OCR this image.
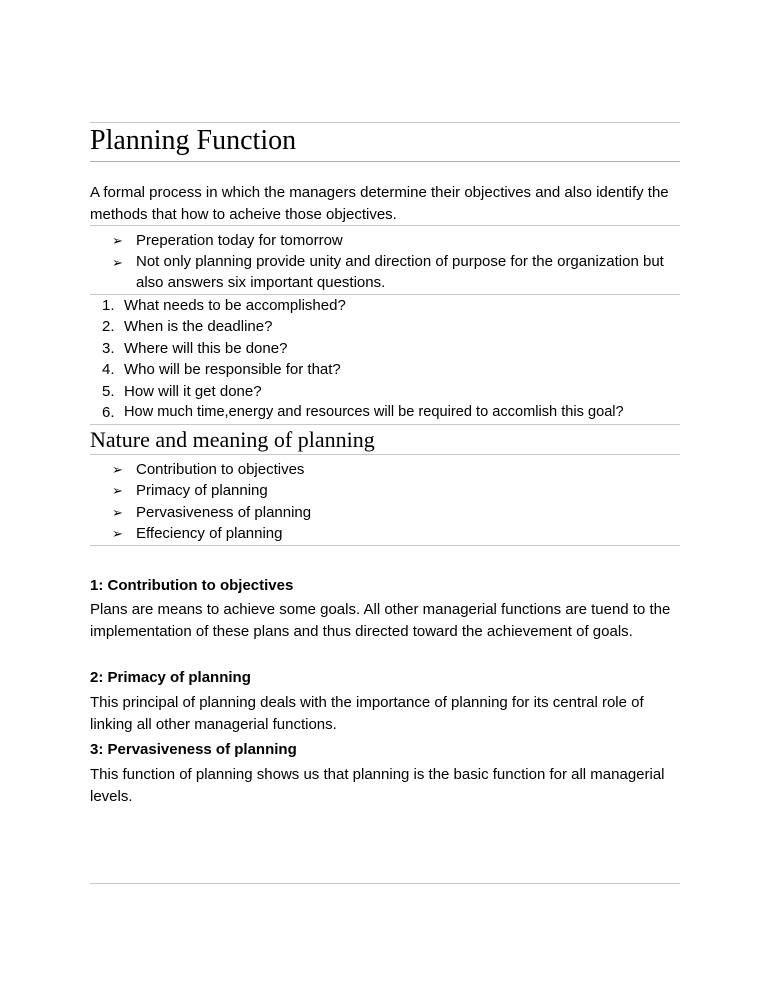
Planning Function
A formal process in which the managers determine their objectives and also identify the methods that how to acheive those objectives.
➢ Preperation today for tomorrow
➢ Not only planning provide unity and direction of purpose for the organization but also answers six important questions.
1. What needs to be accomplished?
2. When is the deadline?
3. Where will this be done?
4. Who will be responsible for that?
5. How will it get done?
6. How much time,energy and resources will be required to accomlish this goal?
Nature and meaning of planning
➢ Contribution to objectives
➢ Primacy of planning
➢ Pervasiveness of planning
➢ Effeciency of planning
1: Contribution to objectives
Plans are means to achieve some goals. All other managerial functions are tuend to the implementation of these plans and thus directed toward the achievement of goals.
2: Primacy of planning
This principal of planning deals with the importance of planning for its central role of linking all other managerial functions.
3: Pervasiveness of planning
This function of planning shows us that planning is the basic function for all managerial levels.
